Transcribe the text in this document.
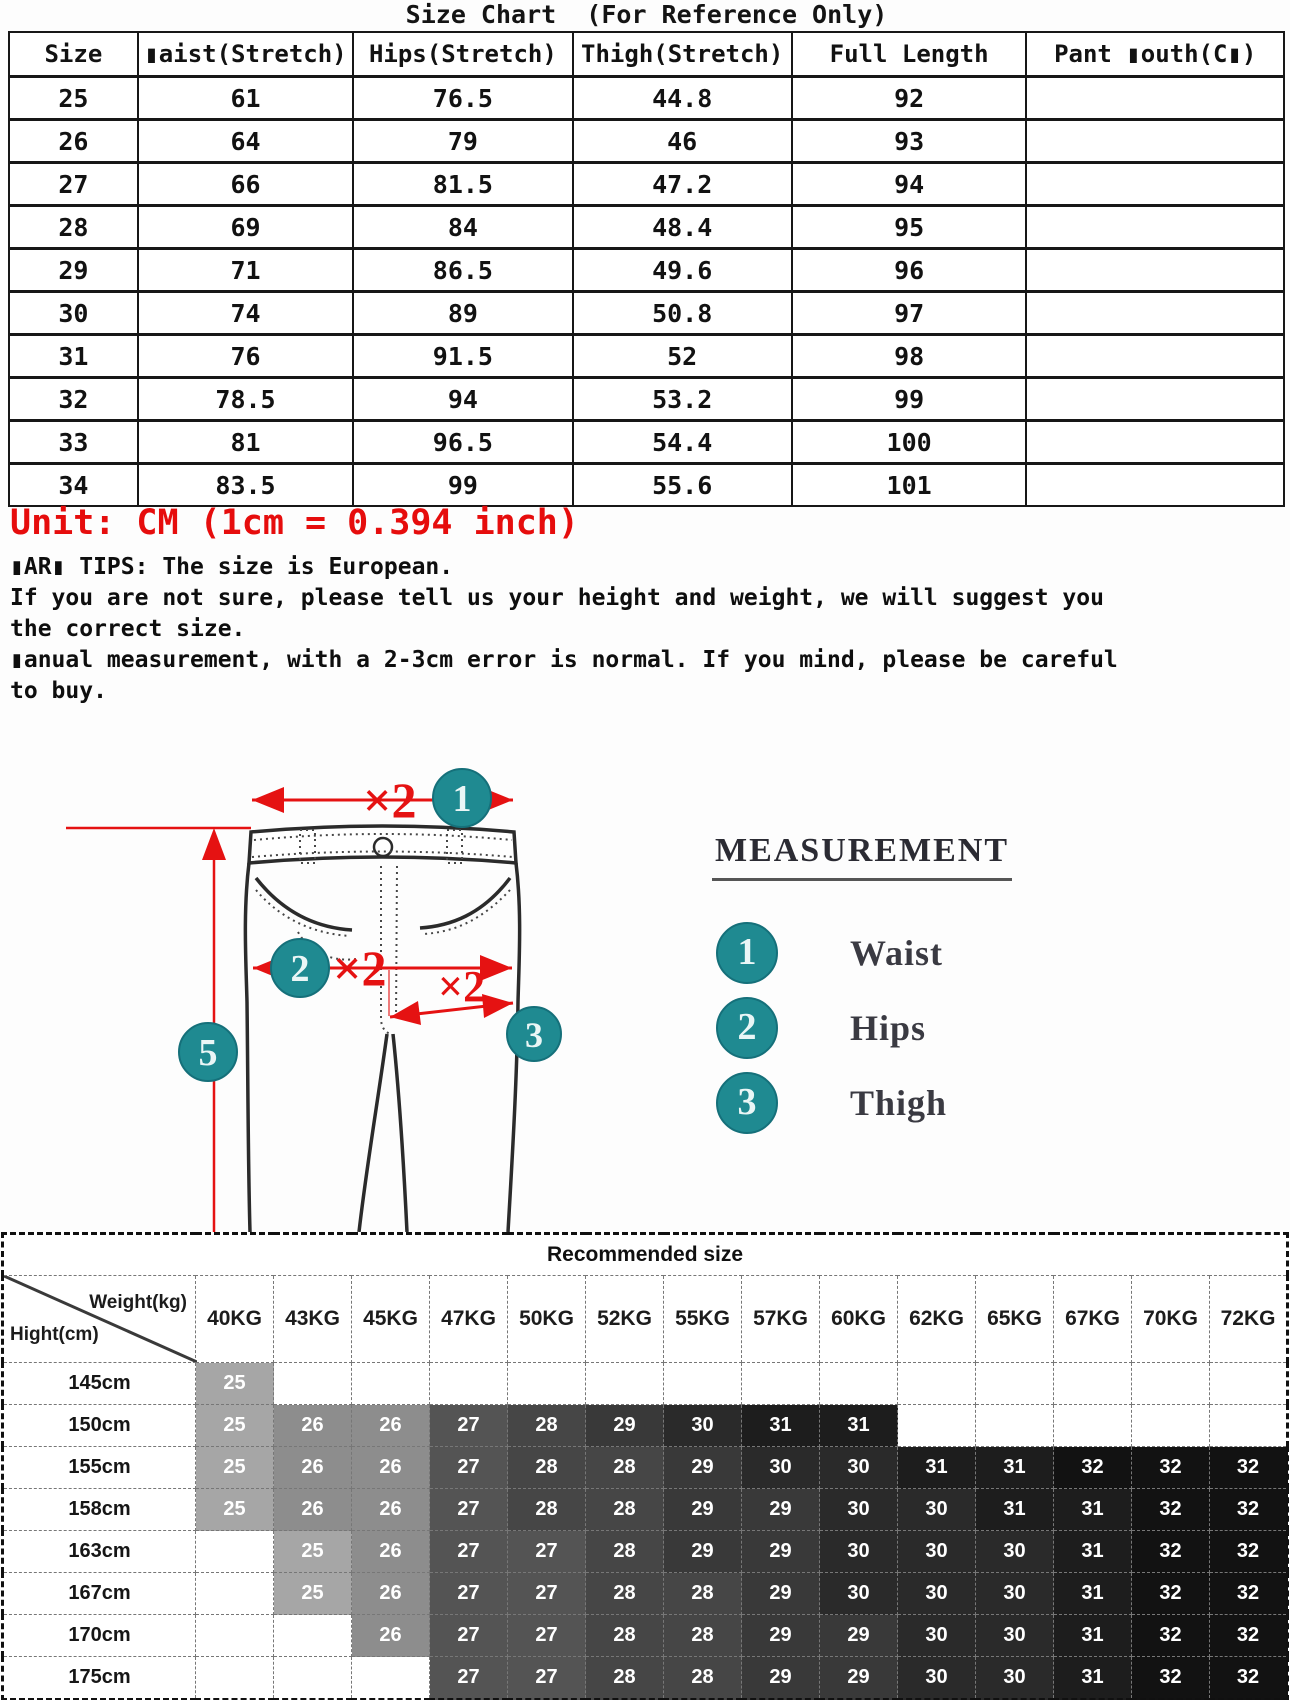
Size Chart  (For Reference Only)
Size	▮aist(Stretch)	Hips(Stretch)	Thigh(Stretch)	Full Length	Pant ▮outh(C▮)
25	61	76.5	44.8	92	
26	64	79	46	93	
27	66	81.5	47.2	94	
28	69	84	48.4	95	
29	71	86.5	49.6	96	
30	74	89	50.8	97	
31	76	91.5	52	98	
32	78.5	94	53.2	99	
33	81	96.5	54.4	100	
34	83.5	99	55.6	101	
Unit: CM (1cm = 0.394 inch)

▮AR▮ TIPS: The size is European.

If you are not sure, please tell us your height and weight, we will suggest you the correct size.

▮anual measurement, with a 2-3cm error is normal. If you mind, please be careful to buy.

×2
×2 ×2
1
2
3
5
MEASUREMENT
1	Waist
2	Hips
3	Thigh
Recommended size														

Weight(kg)
Hight(cm)	40KG	43KG	45KG	47KG	50KG	52KG	55KG	57KG	60KG	62KG	65KG	67KG	70KG	72KG
145cm	25													
150cm	25	26	26	27	28	29	30	31	31					
155cm	25	26	26	27	28	28	29	30	30	31	31	32	32	32
158cm	25	26	26	27	28	28	29	29	30	30	31	31	32	32
163cm		25	26	27	27	28	29	29	30	30	30	31	32	32
167cm		25	26	27	27	28	28	29	30	30	30	31	32	32
170cm			26	27	27	28	28	29	29	30	30	31	32	32
175cm				27	27	28	28	29	29	30	30	31	32	32
